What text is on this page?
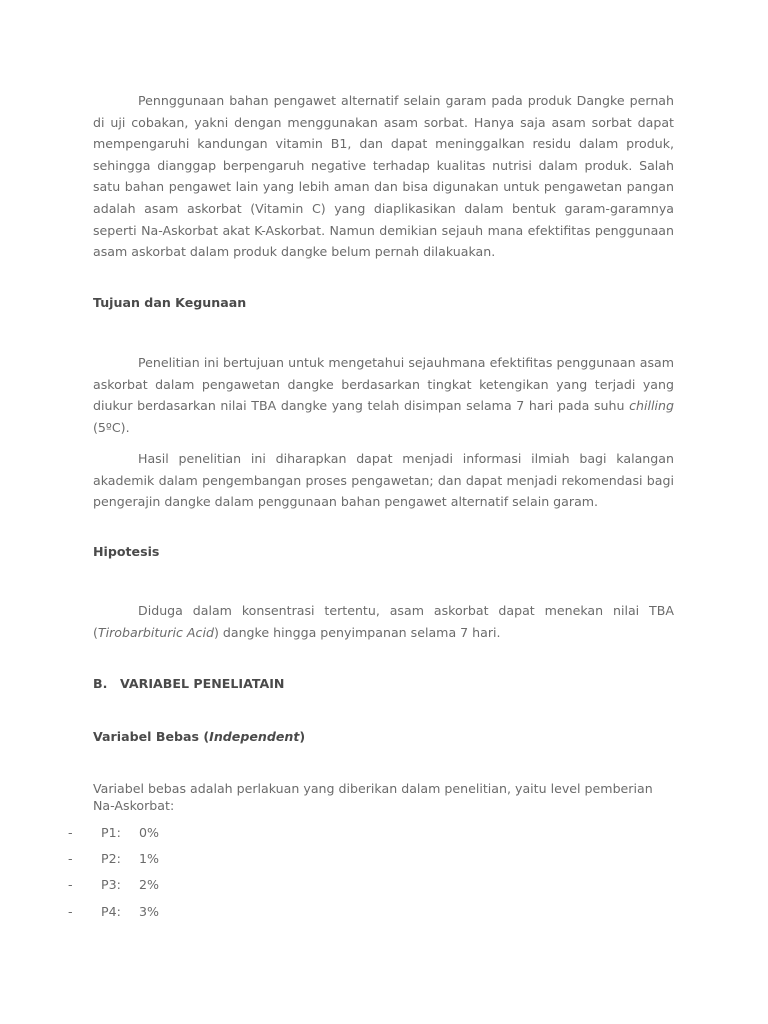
Pennggunaan bahan pengawet alternatif selain garam pada produk Dangke pernah di uji cobakan, yakni dengan menggunakan asam sorbat. Hanya saja asam sorbat dapat mempengaruhi kandungan vitamin B1, dan dapat meninggalkan residu dalam produk, sehingga dianggap berpengaruh negative terhadap kualitas nutrisi dalam produk. Salah satu bahan pengawet lain yang lebih aman dan bisa digunakan untuk pengawetan pangan adalah asam askorbat (Vitamin C) yang diaplikasikan dalam bentuk garam-garamnya seperti Na-Askorbat akat K-Askorbat. Namun demikian sejauh mana efektifitas penggunaan asam askorbat dalam produk dangke belum pernah dilakuakan.

Tujuan dan Kegunaan

Penelitian ini bertujuan untuk mengetahui sejauhmana efektifitas penggunaan asam askorbat dalam pengawetan dangke berdasarkan tingkat ketengikan yang terjadi yang diukur berdasarkan nilai TBA dangke yang telah disimpan selama 7 hari pada suhu chilling (5ºC).

Hasil penelitian ini diharapkan dapat menjadi informasi ilmiah bagi kalangan akademik dalam pengembangan proses pengawetan; dan dapat menjadi rekomendasi bagi pengerajin dangke dalam penggunaan bahan pengawet alternatif selain garam.

Hipotesis

Diduga dalam konsentrasi tertentu, asam askorbat dapat menekan nilai TBA (Tirobarbituric Acid) dangke hingga penyimpanan selama 7 hari.

B. VARIABEL PENELIATAIN

Variabel Bebas (Independent)

Variabel bebas adalah perlakuan yang diberikan dalam penelitian, yaitu level pemberian Na-Askorbat:

- P1: 0%
- P2: 1%
- P3: 2%
- P4: 3%
